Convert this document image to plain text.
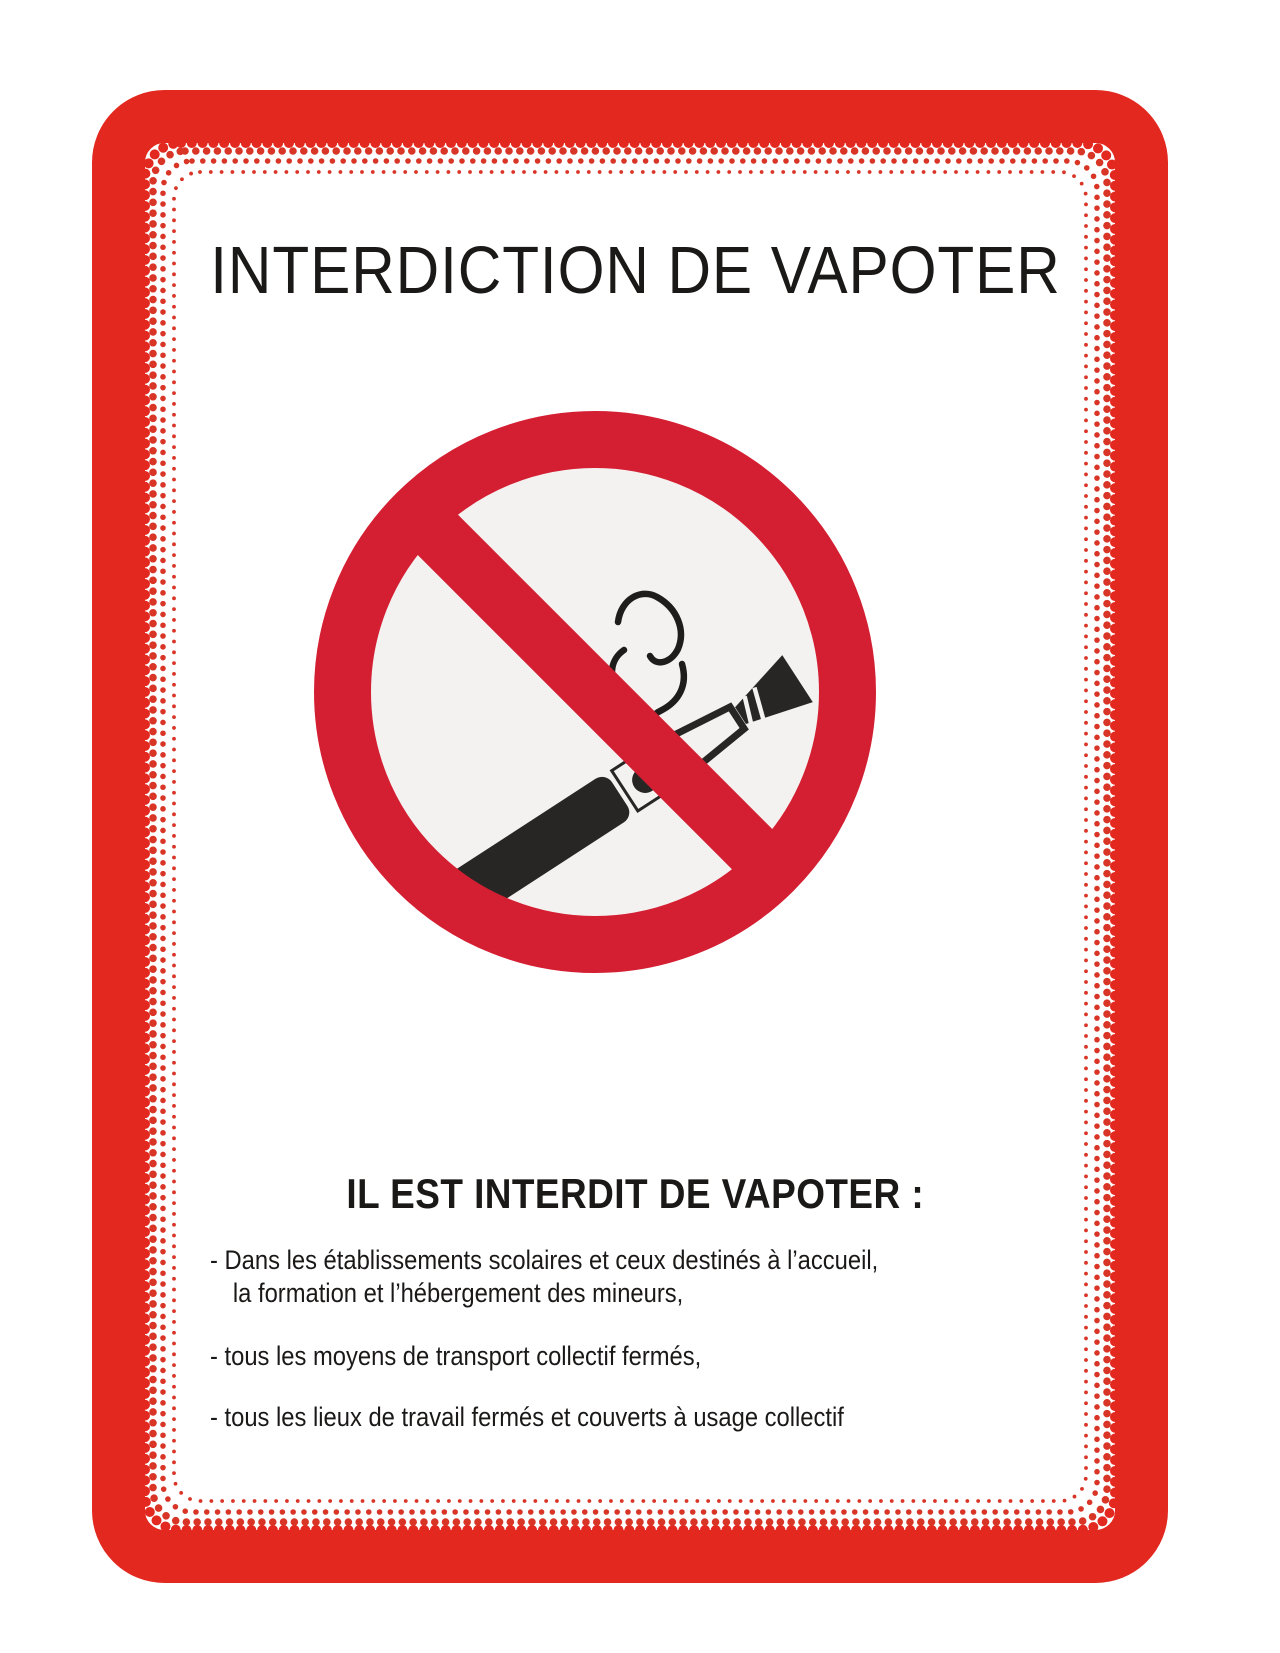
INTERDICTION DE VAPOTER
IL EST INTERDIT DE VAPOTER :
- Dans les établissements scolaires et ceux destinés à l’accueil,
la formation et l’hébergement des mineurs,
- tous les moyens de transport collectif fermés,
- tous les lieux de travail fermés et couverts à usage collectif
